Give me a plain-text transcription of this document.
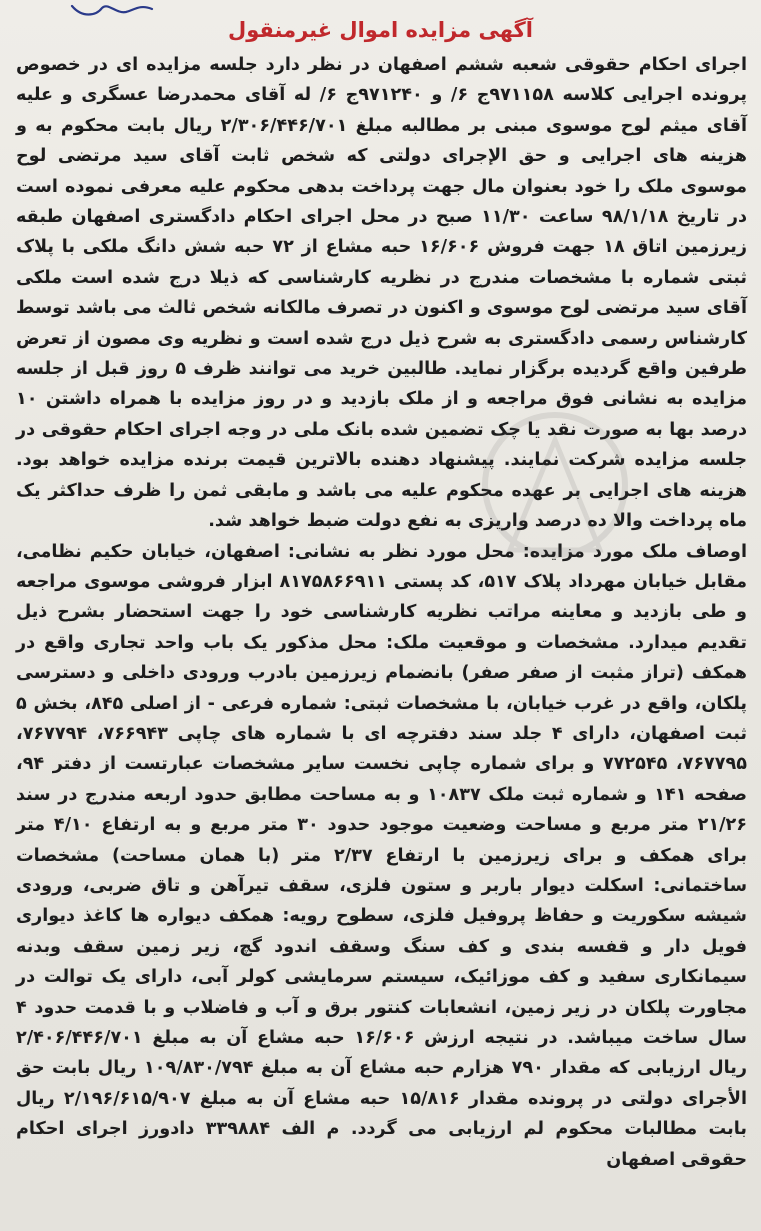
آگهی مزایده اموال غیرمنقول

اجرای احکام حقوقی شعبه ششم اصفهان در نظر دارد جلسه مزایده ای در خصوص پرونده اجرایی کلاسه ۹۷۱۱۵۸ج ۶/ و ۹۷۱۲۴۰ج ۶/ له آقای محمدرضا عسگری و علیه آقای میثم لوح موسوی مبنی بر مطالبه مبلغ ۲/۳۰۶/۴۴۶/۷۰۱ ریال بابت محکوم به و هزینه های اجرایی و حق الإجرای دولتی که شخص ثابت آقای سید مرتضی لوح موسوی ملک را خود بعنوان مال جهت پرداخت بدهی محکوم علیه معرفی نموده است در تاریخ ۹۸/۱/۱۸ ساعت ۱۱/۳۰ صبح در محل اجرای احکام دادگستری اصفهان طبقه زیرزمین اتاق ۱۸ جهت فروش ۱۶/۶۰۶ حبه مشاع از ۷۲ حبه شش دانگ ملکی با پلاک ثبتی شماره با مشخصات مندرج در نظریه کارشناسی که ذیلا درج شده است ملکی آقای سید مرتضی لوح موسوی و اکنون در تصرف مالکانه شخص ثالث می باشد توسط کارشناس رسمی دادگستری به شرح ذیل درج شده است و نظریه وی مصون از تعرض طرفین واقع گردیده برگزار نماید. طالبین خرید می توانند ظرف ۵ روز قبل از جلسه مزایده به نشانی فوق مراجعه و از ملک بازدید و در روز مزایده با همراه داشتن ۱۰ درصد بها به صورت نقد یا چک تضمین شده بانک ملی در وجه اجرای احکام حقوقی در جلسه مزایده شرکت نمایند. پیشنهاد دهنده بالاترین قیمت برنده مزایده خواهد بود. هزینه های اجرایی بر عهده محکوم علیه می باشد و مابقی ثمن را ظرف حداکثر یک ماه پرداخت والا ده درصد واریزی به نفع دولت ضبط خواهد شد.

اوصاف ملک مورد مزایده: محل مورد نظر به نشانی: اصفهان، خیابان حکیم نظامی، مقابل خیابان مهرداد پلاک ۵۱۷، کد پستی ۸۱۷۵۸۶۶۹۱۱ ابزار فروشی موسوی مراجعه و طی بازدید و معاینه مراتب نظریه کارشناسی خود را جهت استحضار بشرح ذیل تقدیم میدارد. مشخصات و موقعیت ملک: محل مذکور یک باب واحد تجاری واقع در همکف (تراز مثبت از صفر صفر) بانضمام زیرزمین بادرب ورودی داخلی و دسترسی پلکان، واقع در غرب خیابان، با مشخصات ثبتی: شماره فرعی - از اصلی ۸۴۵، بخش ۵ ثبت اصفهان، دارای ۴ جلد سند دفترچه ای با شماره های چاپی ۷۶۶۹۴۳، ۷۶۷۷۹۴، ۷۶۷۷۹۵، ۷۷۲۵۴۵ و برای شماره چاپی نخست سایر مشخصات عبارتست از دفتر ۹۴، صفحه ۱۴۱ و شماره ثبت ملک ۱۰۸۳۷ و به مساحت مطابق حدود اربعه مندرج در سند ۲۱/۲۶ متر مربع و مساحت وضعیت موجود حدود ۳۰ متر مربع و به ارتفاع ۴/۱۰ متر برای همکف و برای زیرزمین با ارتفاع ۲/۳۷ متر (با همان مساحت) مشخصات ساختمانی: اسکلت دیوار باربر و ستون فلزی، سقف تیرآهن و تاق ضربی، ورودی شیشه سکوریت و حفاظ پروفیل فلزی، سطوح رویه: همکف دیواره ها کاغذ دیواری فویل دار و قفسه بندی و کف سنگ وسقف اندود گچ، زیر زمین سقف وبدنه سیمانکاری سفید و کف موزائیک، سیستم سرمایشی کولر آبی، دارای یک توالت در مجاورت پلکان در زیر زمین، انشعابات کنتور برق و آب و فاضلاب و با قدمت حدود ۴ سال ساخت میباشد. در نتیجه ارزش ۱۶/۶۰۶ حبه مشاع آن به مبلغ ۲/۴۰۶/۴۴۶/۷۰۱ ریال ارزیابی که مقدار ۷۹۰ هزارم حبه مشاع آن به مبلغ ۱۰۹/۸۳۰/۷۹۴ ریال بابت حق الأجرای دولتی در پرونده مقدار ۱۵/۸۱۶ حبه مشاع آن به مبلغ ۲/۱۹۶/۶۱۵/۹۰۷ ریال بابت مطالبات محکوم لم ارزیابی می گردد. م الف ۳۳۹۸۸۴ دادورز اجرای احکام حقوقی اصفهان
